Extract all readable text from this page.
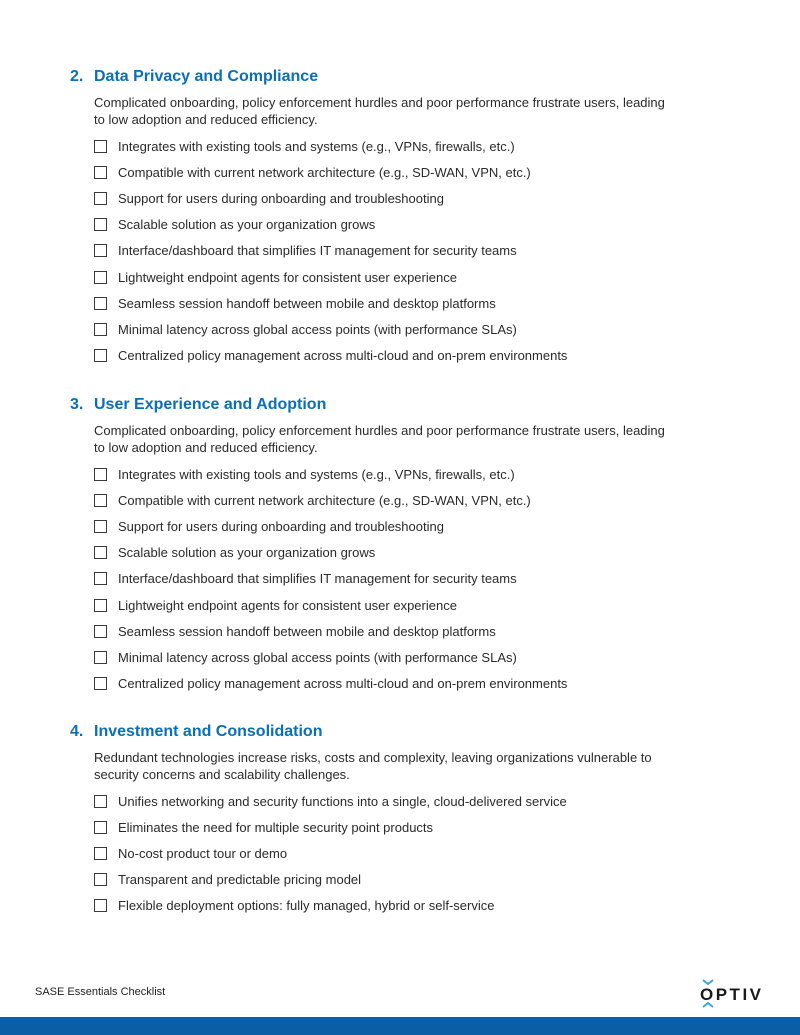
2. Data Privacy and Compliance

Complicated onboarding, policy enforcement hurdles and poor performance frustrate users, leading to low adoption and reduced efficiency.

Integrates with existing tools and systems (e.g., VPNs, firewalls, etc.)
Compatible with current network architecture (e.g., SD-WAN, VPN, etc.)
Support for users during onboarding and troubleshooting
Scalable solution as your organization grows
Interface/dashboard that simplifies IT management for security teams
Lightweight endpoint agents for consistent user experience
Seamless session handoff between mobile and desktop platforms
Minimal latency across global access points (with performance SLAs)
Centralized policy management across multi-cloud and on-prem environments
3. User Experience and Adoption

Complicated onboarding, policy enforcement hurdles and poor performance frustrate users, leading to low adoption and reduced efficiency.

Integrates with existing tools and systems (e.g., VPNs, firewalls, etc.)
Compatible with current network architecture (e.g., SD-WAN, VPN, etc.)
Support for users during onboarding and troubleshooting
Scalable solution as your organization grows
Interface/dashboard that simplifies IT management for security teams
Lightweight endpoint agents for consistent user experience
Seamless session handoff between mobile and desktop platforms
Minimal latency across global access points (with performance SLAs)
Centralized policy management across multi-cloud and on-prem environments
4. Investment and Consolidation

Redundant technologies increase risks, costs and complexity, leaving organizations vulnerable to security concerns and scalability challenges.

Unifies networking and security functions into a single, cloud-delivered service
Eliminates the need for multiple security point products
No-cost product tour or demo
Transparent and predictable pricing model
Flexible deployment options: fully managed, hybrid or self-service
SASE Essentials Checklist	OPTIV
